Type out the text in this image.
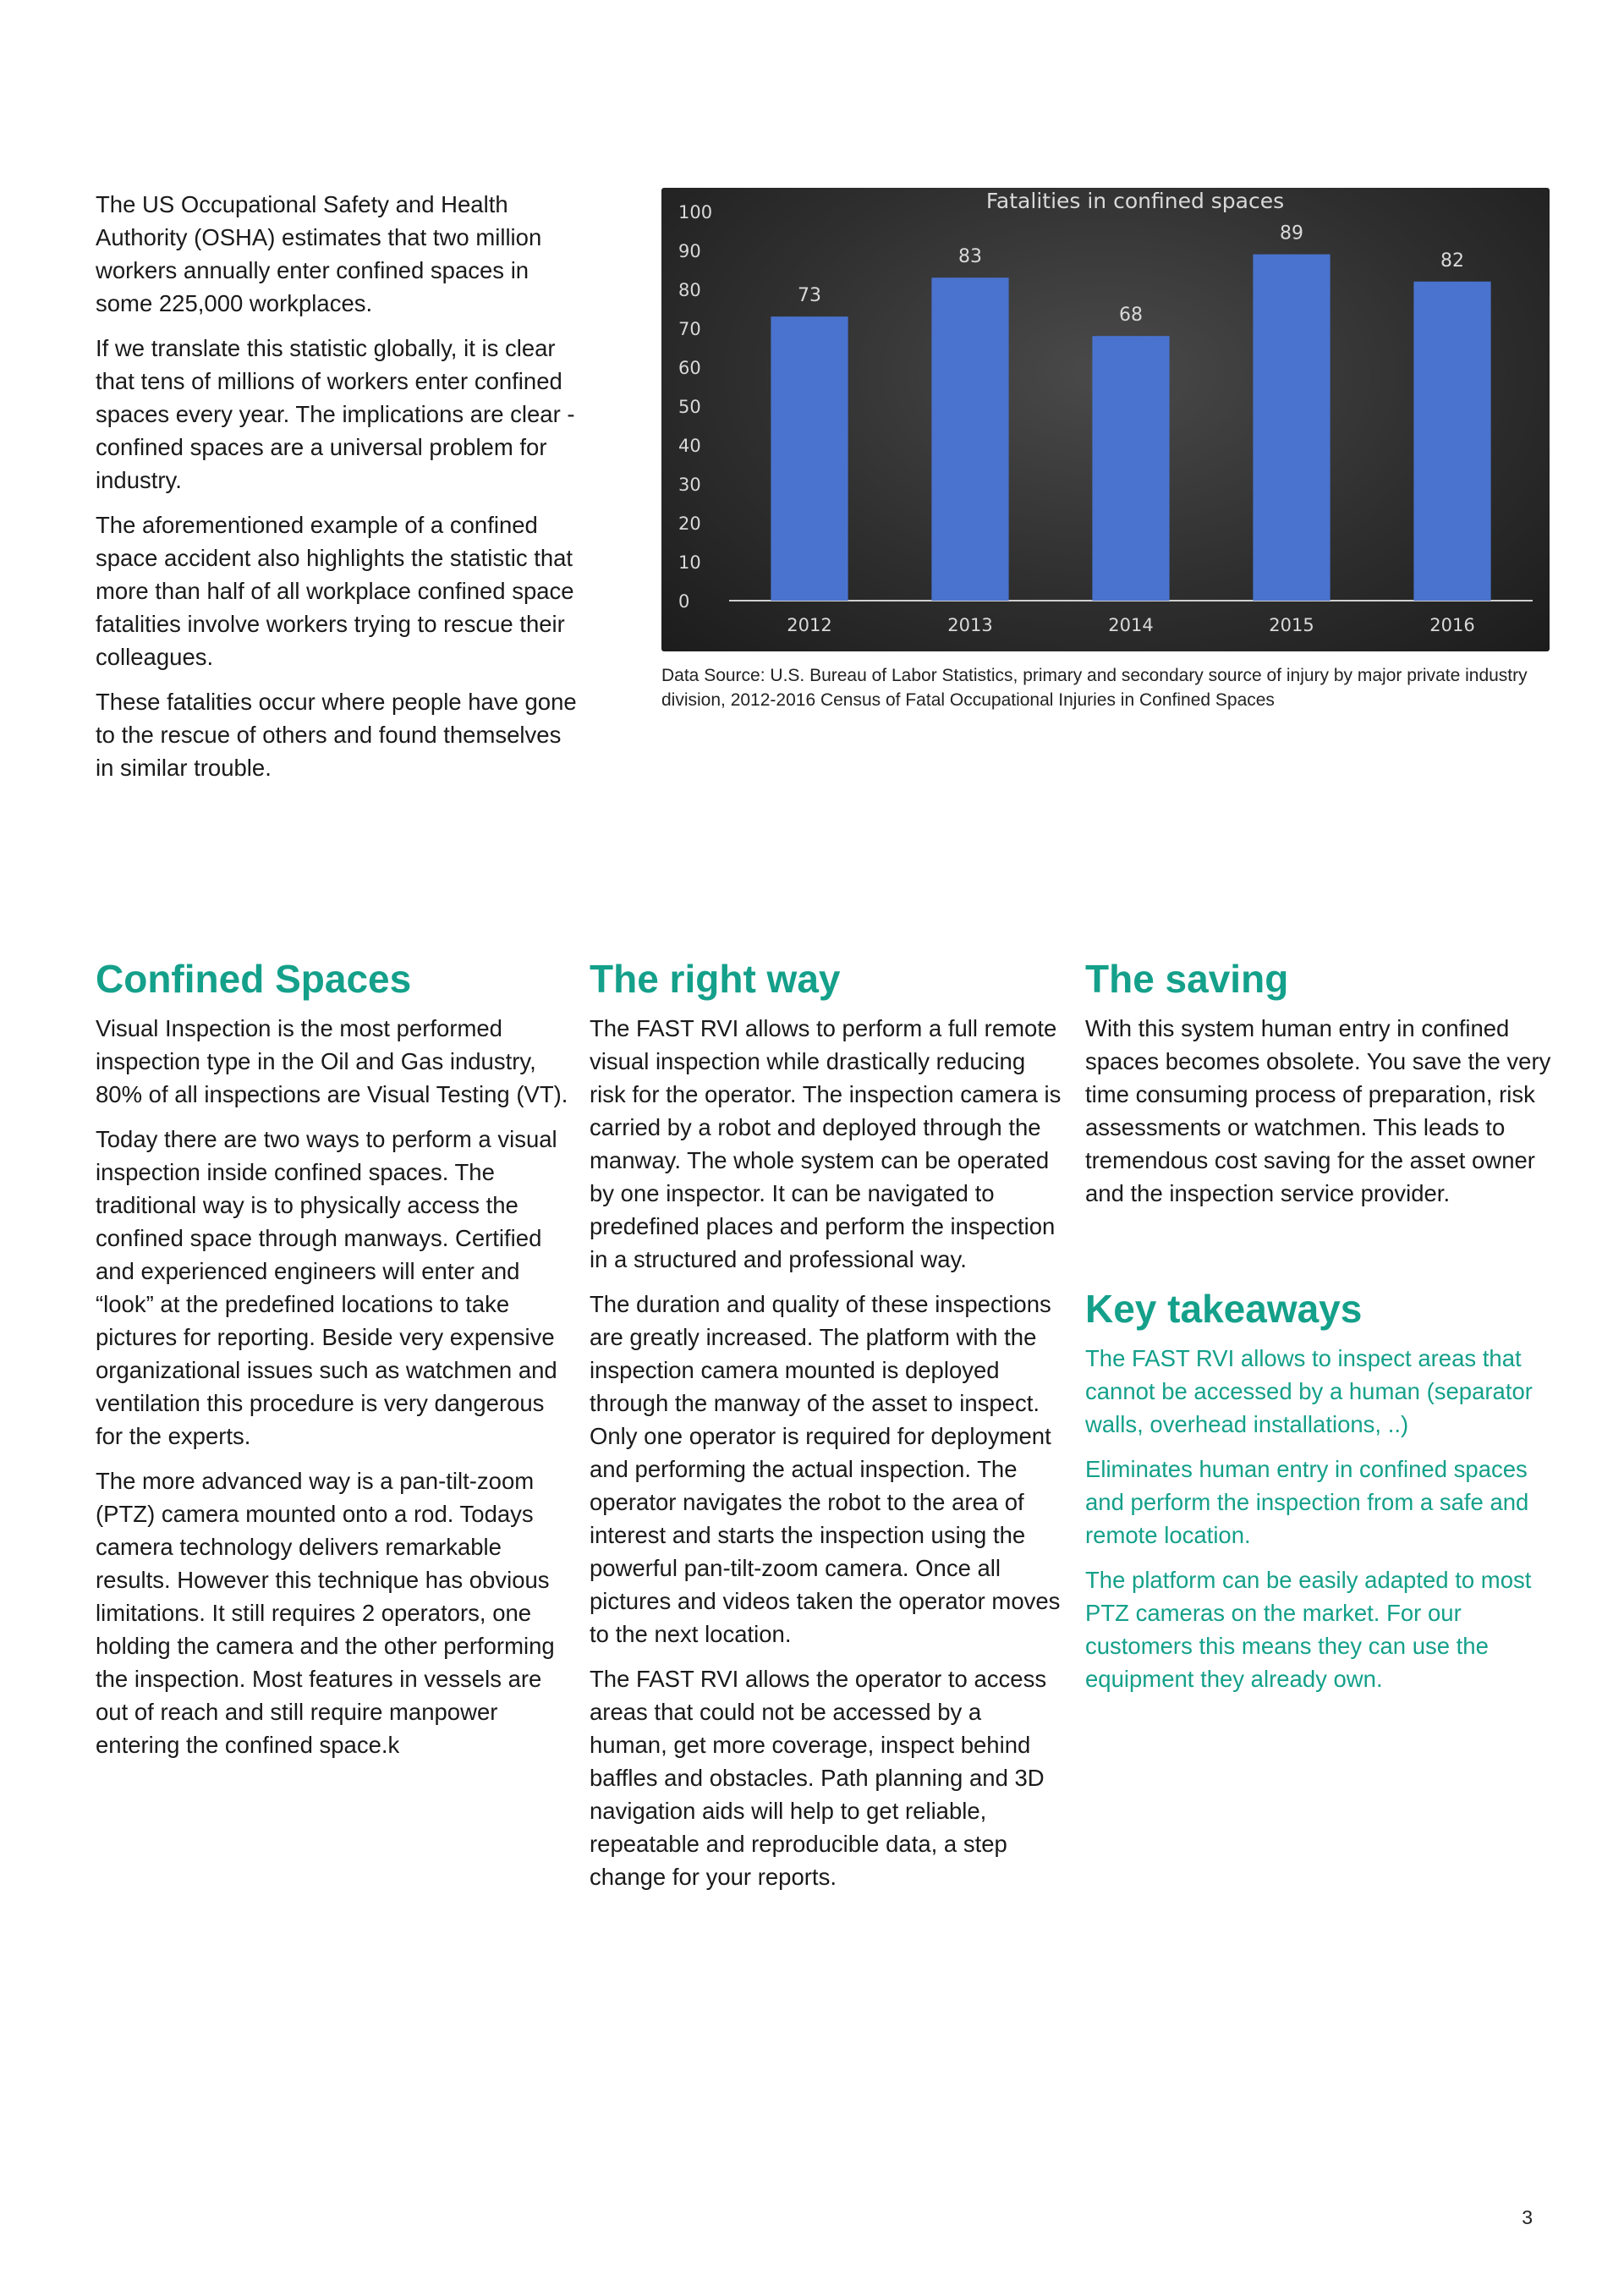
The US Occupational Safety and Health Authority (OSHA) estimates that two million workers annually enter confined spaces in some 225,000 workplaces.

If we translate this statistic globally, it is clear that tens of millions of workers enter confined spaces every year. The implications are clear - confined spaces are a universal problem for industry.

The aforementioned example of a confined space accident also highlights the statistic that more than half of all workplace confined space fatalities involve workers trying to rescue their colleagues.

These fatalities occur where people have gone to the rescue of others and found themselves in similar trouble.

Fatalities in confined spaces
0
10
20
30
40
50
60
70
80
90
100
73
2012
83
2013
68
2014
89
2015
82
2016
Data Source: U.S. Bureau of Labor Statistics, primary and secondary source of injury by major private industry division, 2012-2016 Census of Fatal Occupational Injuries in Confined Spaces
Confined Spaces

Visual Inspection is the most performed inspection type in the Oil and Gas industry, 80% of all inspections are Visual Testing (VT).

Today there are two ways to perform a visual inspection inside confined spaces. The traditional way is to physically access the confined space through manways. Certified and experienced engineers will enter and “look” at the predefined locations to take pictures for reporting. Beside very expensive organizational issues such as watchmen and ventilation this procedure is very dangerous for the experts.

The more advanced way is a pan-tilt-zoom (PTZ) camera mounted onto a rod. Todays camera technology delivers remarkable results. However this technique has obvious limitations. It still requires 2 operators, one holding the camera and the other performing the inspection. Most features in vessels are out of reach and still require manpower entering the confined space.k

The right way

The FAST RVI allows to perform a full remote visual inspection while drastically reducing risk for the operator. The inspection camera is carried by a robot and deployed through the manway. The whole system can be operated by one inspector. It can be navigated to predefined places and perform the inspection in a structured and professional way.

The duration and quality of these inspections are greatly increased. The platform with the inspection camera mounted is deployed through the manway of the asset to inspect. Only one operator is required for deployment and performing the actual inspection. The operator navigates the robot to the area of interest and starts the inspection using the powerful pan-tilt-zoom camera. Once all pictures and videos taken the operator moves to the next location.

The FAST RVI allows the operator to access areas that could not be accessed by a human, get more coverage, inspect behind baffles and obstacles. Path planning and 3D navigation aids will help to get reliable, repeatable and reproducible data, a step change for your reports.

The saving

With this system human entry in confined spaces becomes obsolete. You save the very time consuming process of preparation, risk assessments or watchmen. This leads to tremendous cost saving for the asset owner and the inspection service provider.

Key takeaways

The FAST RVI allows to inspect areas that cannot be accessed by a human (separator walls, overhead installations, ..)

Eliminates human entry in confined spaces and perform the inspection from a safe and remote location.

The platform can be easily adapted to most PTZ cameras on the market. For our customers this means they can use the equipment they already own.

3
